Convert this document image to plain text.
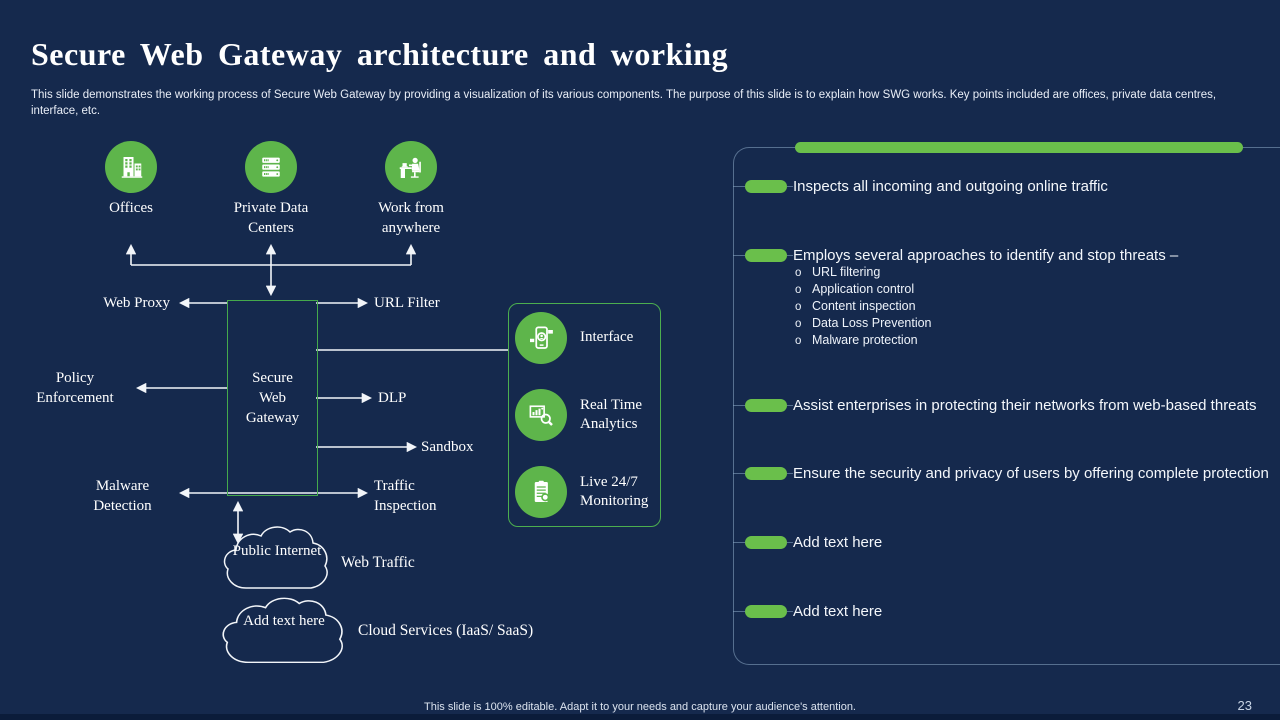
Secure Web Gateway architecture and working
This slide demonstrates the working process of Secure Web Gateway by providing a visualization of its various components. The purpose of this slide is to explain how SWG works. Key points included are offices, private data centres, interface, etc.
Offices	Private Data Centers
Work from anywhere
Secure Web Gateway
Web Proxy
Policy Enforcement
Malware Detection
URL Filter
DLP
Sandbox
Traffic Inspection
Public Internet
Web Traffic
Add text here
Cloud Services (IaaS/ SaaS)
Interface
Real Time Analytics
Live 24/7 Monitoring
Inspects all incoming and outgoing online traffic
Employs several approaches to identify and stop threats –
o URL filtering
o Application control
o Content inspection
o Data Loss Prevention
o Malware protection
Assist enterprises in protecting their networks from web-based threats
Ensure the security and privacy of users by offering complete protection
Add text here
Add text here
This slide is 100% editable. Adapt it to your needs and capture your audience's attention.	23
